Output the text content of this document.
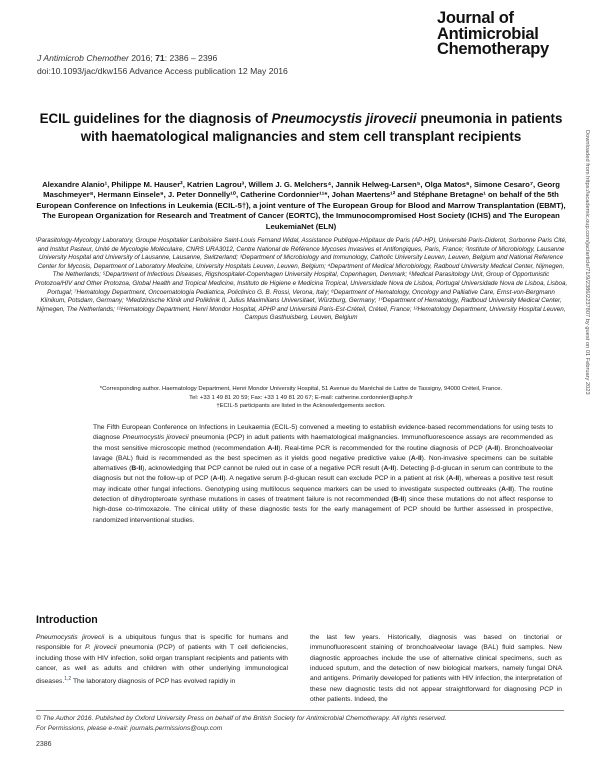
J Antimicrob Chemother 2016; 71: 2386 – 2396
doi:10.1093/jac/dkw156 Advance Access publication 12 May 2016
Journal of
Antimicrobial
Chemotherapy
ECIL guidelines for the diagnosis of Pneumocystis jirovecii pneumonia in patients with haematological malignancies and stem cell transplant recipients
Alexandre Alanio¹, Philippe M. Hauser², Katrien Lagrou³, Willem J. G. Melchers⁴, Jannik Helweg-Larsen⁵, Olga Matos⁶, Simone Cesaro⁷, Georg Maschmeyer⁸, Hermann Einsele⁹, J. Peter Donnelly¹⁰, Catherine Cordonnier¹¹*, Johan Maertens¹² and Stéphane Bretagne¹ on behalf of the 5th European Conference on Infections in Leukemia (ECIL-5†), a joint venture of The European Group for Blood and Marrow Transplantation (EBMT), The European Organization for Research and Treatment of Cancer (EORTC), the Immunocompromised Host Society (ICHS) and The European LeukemiaNet (ELN)
¹Parasitology-Mycology Laboratory, Groupe Hospitalier Lariboisière Saint-Louis Fernand Widal, Assistance Publique-Hôpitaux de Paris (AP-HP), Université Paris-Diderot, Sorbonne Paris Cité, and Institut Pasteur, Unité de Mycologie Moléculaire, CNRS URA3012, Centre National de Référence Mycoses Invasives et Antifongiques, Paris, France; ²Institute of Microbiology, Lausanne University Hospital and University of Lausanne, Lausanne, Switzerland; ³Department of Microbiology and Immunology, Catholic University Leuven, Leuven, Belgium and National Reference Center for Mycosis, Department of Laboratory Medicine, University Hospitals Leuven, Leuven, Belgium; ⁴Department of Medical Microbiology, Radboud University Medical Center, Nijmegen, The Netherlands; ⁵Department of Infectious Diseases, Rigshospitalet-Copenhagen University Hospital, Copenhagen, Denmark; ⁶Medical Parasitology Unit, Group of Opportunistic Protozoa/HIV and Other Protozoa, Global Health and Tropical Medicine, Instituto de Higiene e Medicina Tropical, Universidade Nova de Lisboa, Portugal Universidade Nova de Lisboa, Lisboa, Portugal; ⁷Hematology Department, Oncoematologia Pediatrica, Policlinico G. B. Rossi, Verona, Italy; ⁸Department of Hematology, Oncology and Palliative Care, Ernst-von-Bergmann Klinikum, Potsdam, Germany; ⁹Medizinische Klinik und Poliklinik II, Julius Maximilians Universitaet, Würzburg, Germany; ¹⁰Department of Hematology, Radboud University Medical Center, Nijmegen, The Netherlands; ¹¹Hematology Department, Henri Mondor Hospital, APHP and Université Paris-Est-Créteil, Créteil, France; ¹²Hematology Department, University Hospital Leuven, Campus Gasthuisberg, Leuven, Belgium
*Corresponding author. Haematology Department, Henri Mondor University Hospital, 51 Avenue du Maréchal de Lattre de Tassigny, 94000 Créteil, France.
Tel: +33 1 49 81 20 59; Fax: +33 1 49 81 20 67; E-mail: catherine.cordonnier@aphp.fr
†ECIL-5 participants are listed in the Acknowledgements section.
The Fifth European Conference on Infections in Leukaemia (ECIL-5) convened a meeting to establish evidence-based recommendations for using tests to diagnose Pneumocystis jirovecii pneumonia (PCP) in adult patients with haematological malignancies. Immunofluorescence assays are recommended as the most sensitive microscopic method (recommendation A-II). Real-time PCR is recommended for the routine diagnosis of PCP (A-II). Bronchoalveolar lavage (BAL) fluid is recommended as the best specimen as it yields good negative predictive value (A-II). Non-invasive specimens can be suitable alternatives (B-II), acknowledging that PCP cannot be ruled out in case of a negative PCR result (A-II). Detecting β-d-glucan in serum can contribute to the diagnosis but not the follow-up of PCP (A-II). A negative serum β-d-glucan result can exclude PCP in a patient at risk (A-II), whereas a positive test result may indicate other fungal infections. Genotyping using multilocus sequence markers can be used to investigate suspected outbreaks (A-II). The routine detection of dihydropteroate synthase mutations in cases of treatment failure is not recommended (B-II) since these mutations do not affect response to high-dose co-trimoxazole. The clinical utility of these diagnostic tests for the early management of PCP should be further assessed in prospective, randomized interventional studies.
Introduction
Pneumocystis jirovecii is a ubiquitous fungus that is specific for humans and responsible for P. jirovecii pneumonia (PCP) of patients with T cell deficiencies, including those with HIV infection, solid organ transplant recipients and patients with cancer, as well as adults and children with other underlying immunological diseases.$^{1,2}$ The laboratory diagnosis of PCP has evolved rapidly in
the last few years. Historically, diagnosis was based on tinctorial or immunofluorescent staining of bronchoalveolar lavage (BAL) fluid samples. New diagnostic approaches include the use of alternative clinical specimens, such as induced sputum, and the detection of new biological markers, namely fungal DNA and antigens. Primarily developed for patients with HIV infection, the interpretation of these new diagnostic tests did not appear straightforward for diagnosing PCP in other patients. Indeed, the
© The Author 2016. Published by Oxford University Press on behalf of the British Society for Antimicrobial Chemotherapy. All rights reserved.
For Permissions, please e-mail: journals.permissions@oup.com
2386
Downloaded from https://academic.oup.com/jac/article/71/9/2386/2237807 by guest on 01 February 2023
